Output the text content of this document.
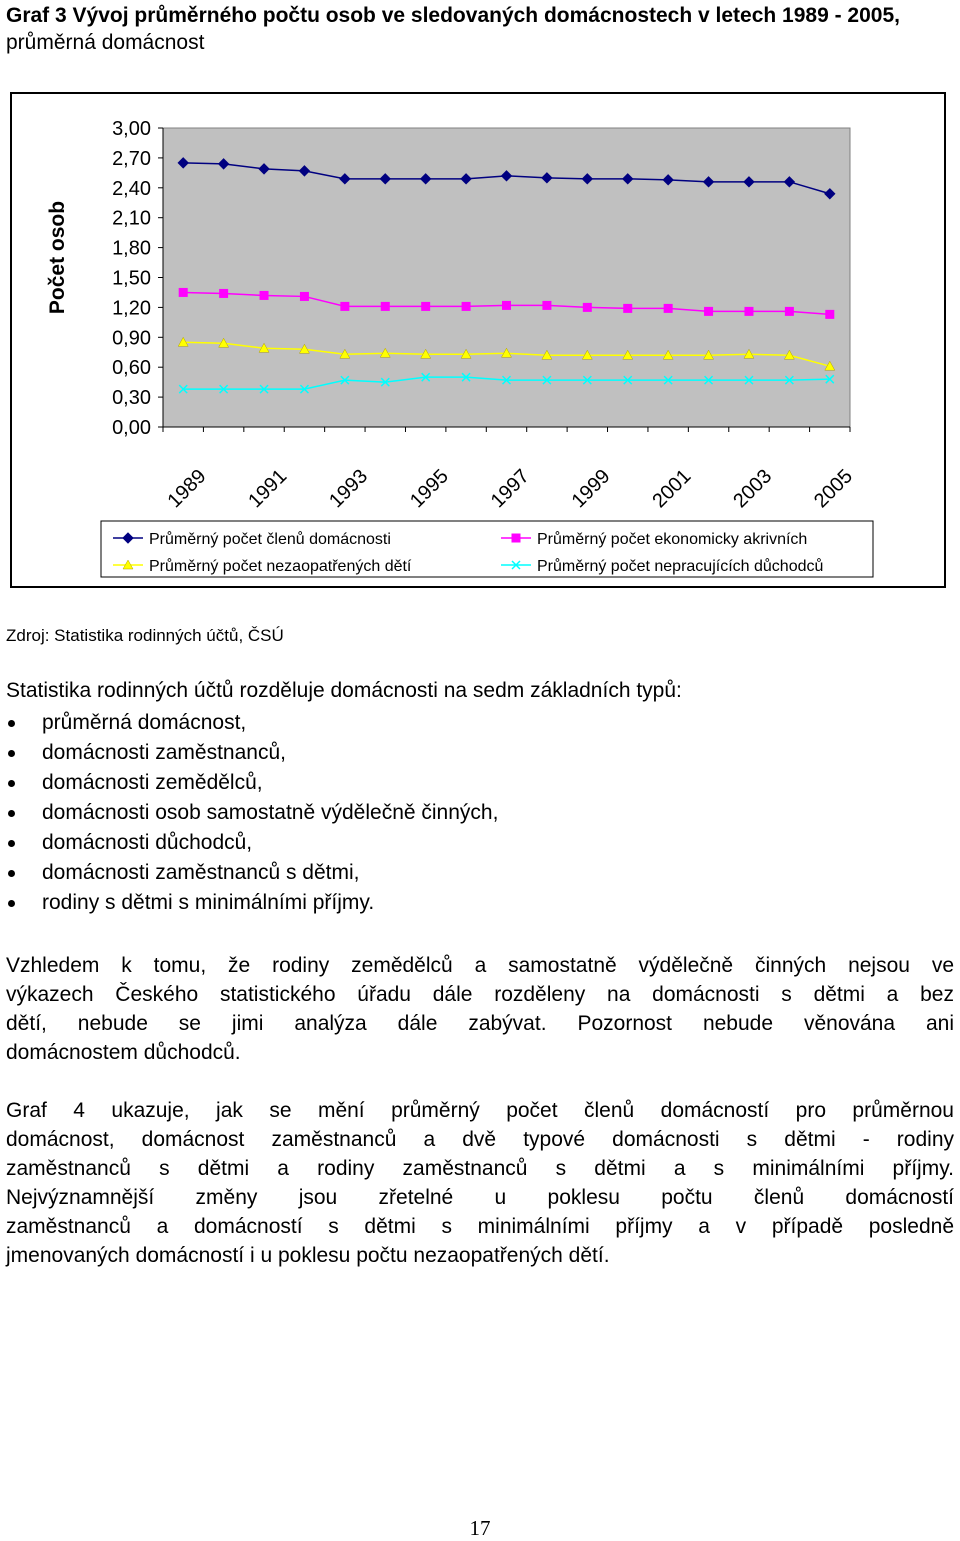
Graf 3 Vývoj průměrného počtu osob ve sledovaných domácnostech v letech 1989 - 2005, průměrná domácnost
3,00
2,70
2,40
2,10
1,80
1,50
1,20
0,90
0,60
0,30
0,00
1989 1991 1993 1995 1997 1999 2001 2003 2005
Počet osob
Průměrný počet členů domácnosti	Průměrný počet ekonomicky akrivních
Průměrný počet nezaopatřených dětí	Průměrný počet nepracujících důchodců
Zdroj: Statistika rodinných účtů, ČSÚ
Statistika rodinných účtů rozděluje domácnosti na sedm základních typů:
průměrná domácnost,
domácnosti zaměstnanců,
domácnosti zemědělců,
domácnosti osob samostatně výdělečně činných,
domácnosti důchodců,
domácnosti zaměstnanců s dětmi,
rodiny s dětmi s minimálními příjmy.
Vzhledem k tomu, že rodiny zemědělců a samostatně výdělečně činných nejsou ve
výkazech Českého statistického úřadu dále rozděleny na domácnosti s dětmi a bez
dětí, nebude se jimi analýza dále zabývat. Pozornost nebude věnována ani
domácnostem důchodců.
Graf 4 ukazuje, jak se mění průměrný počet členů domácností pro průměrnou
domácnost, domácnost zaměstnanců a dvě typové domácnosti s dětmi - rodiny
zaměstnanců s dětmi a rodiny zaměstnanců s dětmi a s minimálními příjmy.
Nejvýznamnější změny jsou zřetelné u poklesu počtu členů domácností
zaměstnanců a domácností s dětmi s minimálními příjmy a v případě posledně
jmenovaných domácností i u poklesu počtu nezaopatřených dětí.
17
